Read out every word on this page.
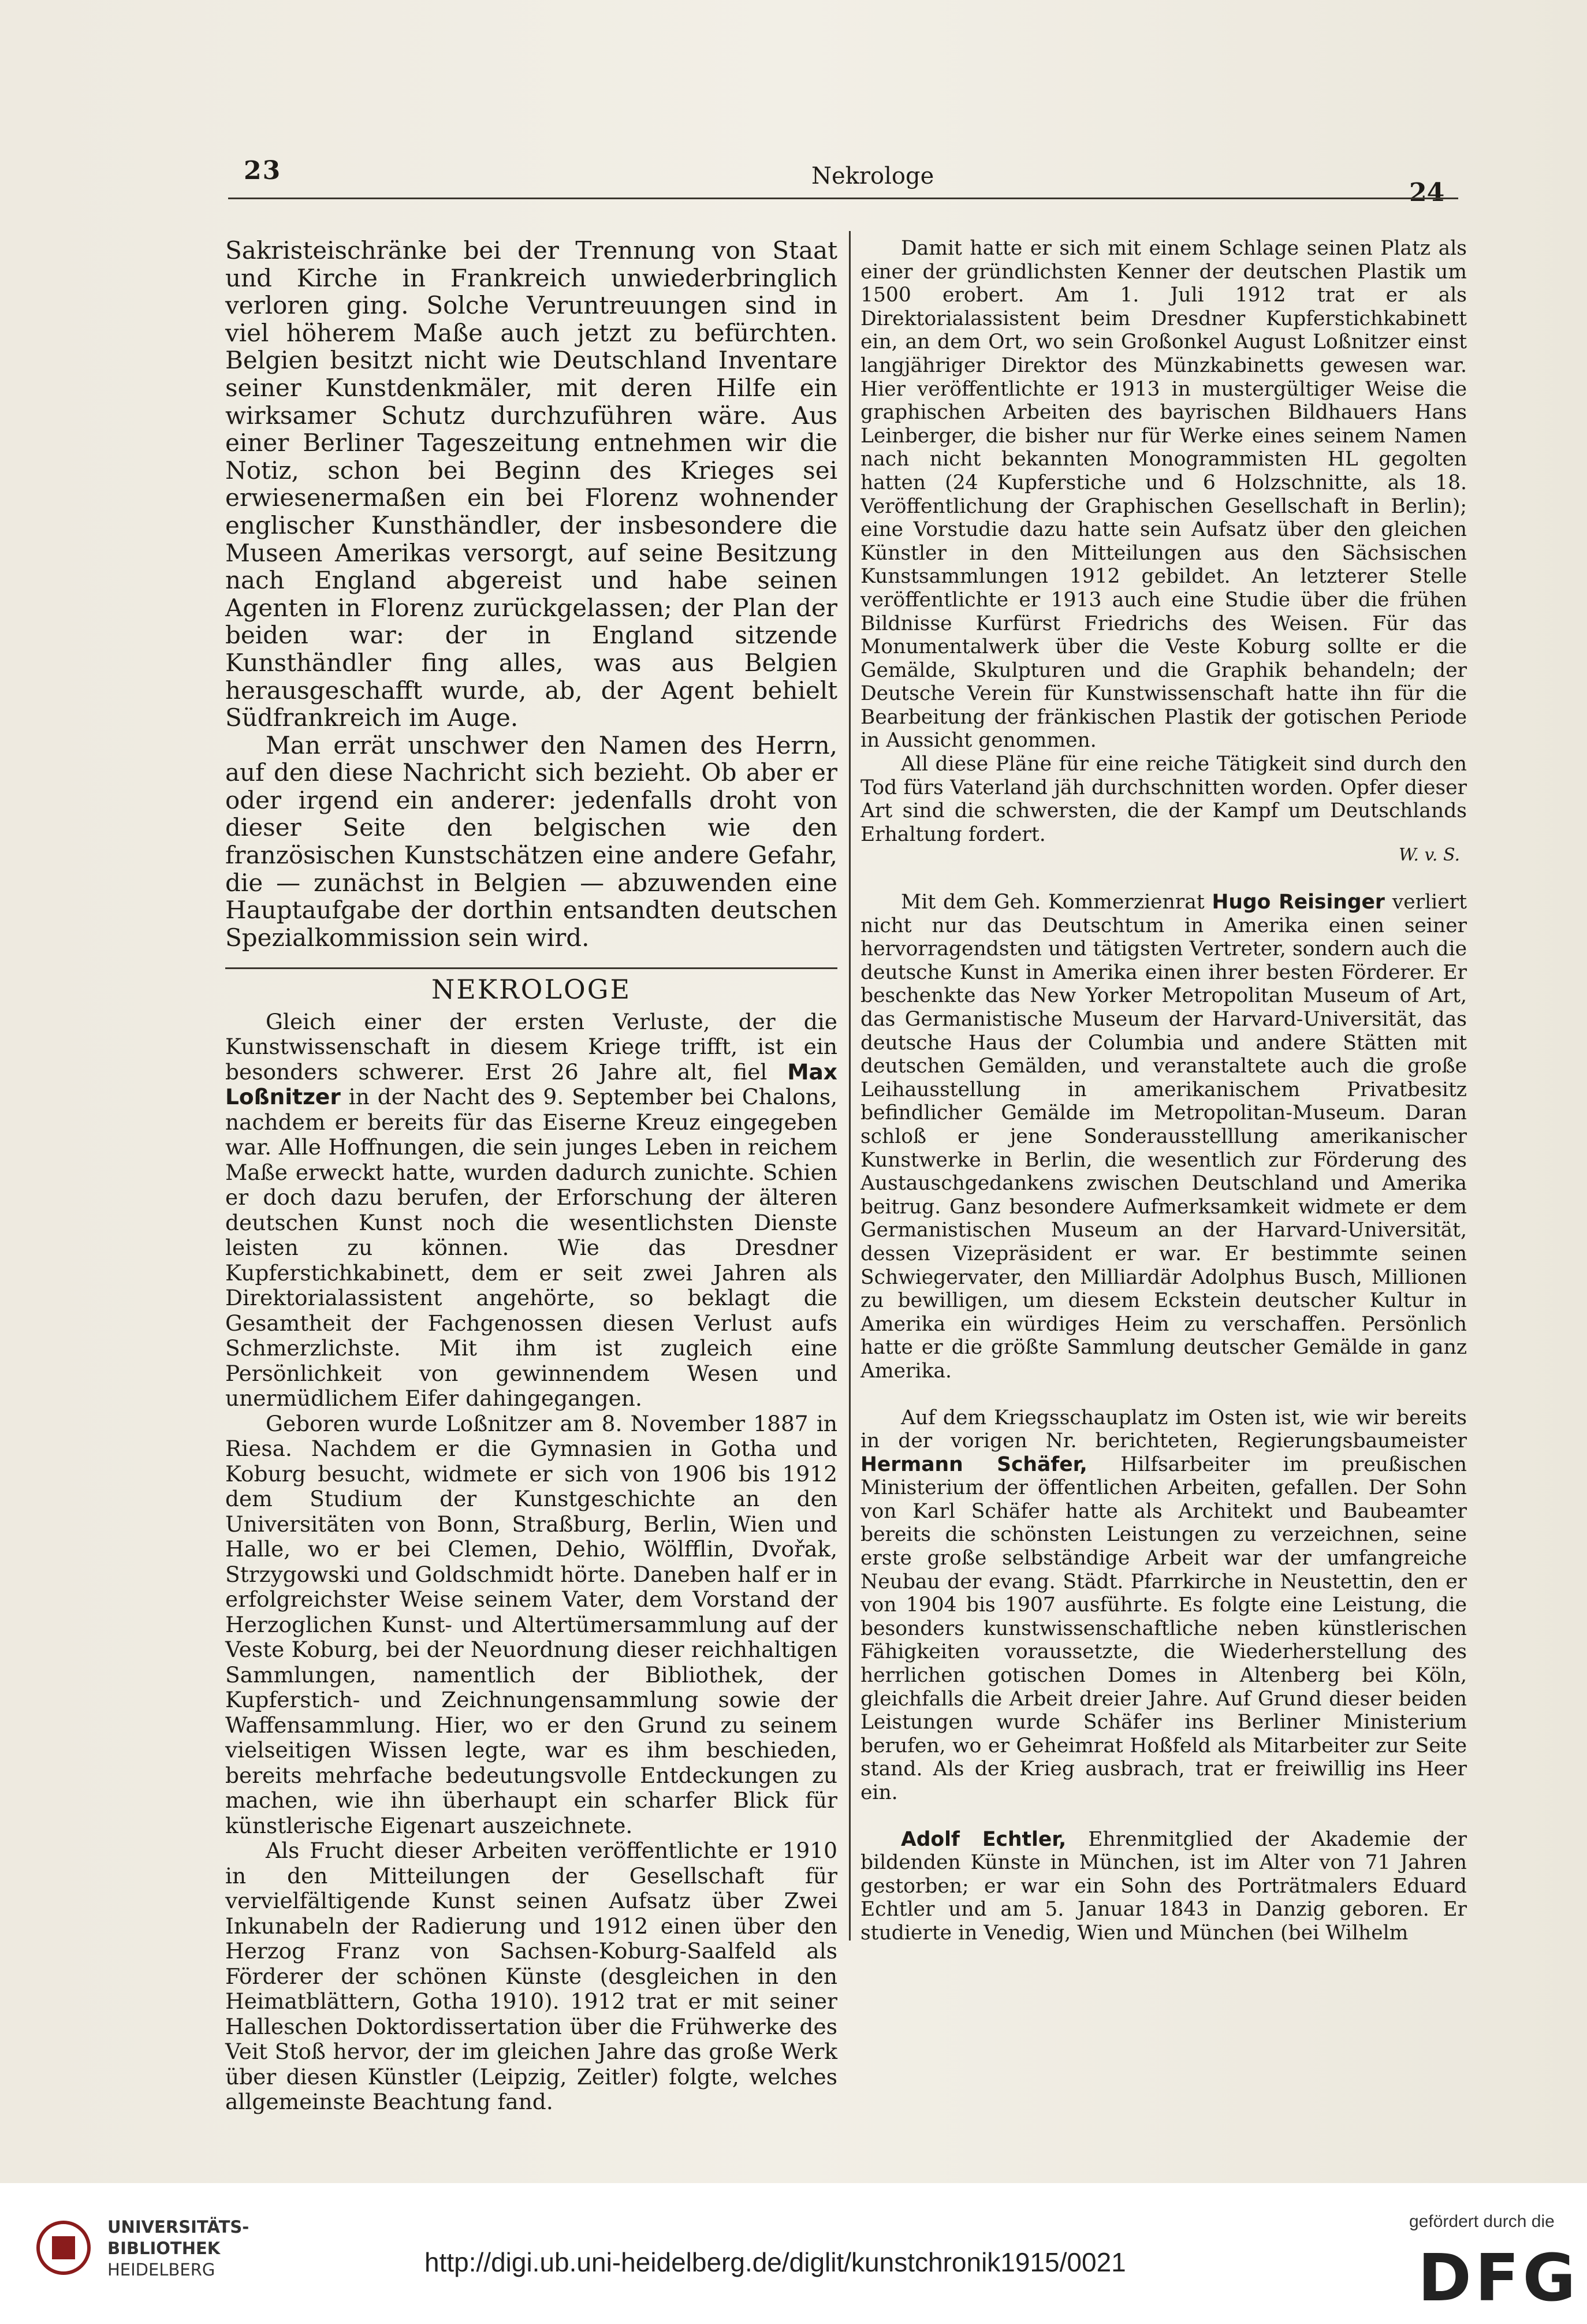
23	Nekrologe
24

Sakristeischränke bei der Trennung von Staat und Kirche in Frankreich unwiederbringlich verloren ging. Solche Veruntreuungen sind in viel höherem Maße auch jetzt zu befürchten. Belgien besitzt nicht wie Deutschland Inventare seiner Kunstdenkmäler, mit deren Hilfe ein wirksamer Schutz durchzuführen wäre. Aus einer Berliner Tageszeitung entnehmen wir die Notiz, schon bei Beginn des Krieges sei erwiesenermaßen ein bei Florenz wohnender englischer Kunsthändler, der insbesondere die Museen Amerikas versorgt, auf seine Besitzung nach England abgereist und habe seinen Agenten in Florenz zurückgelassen; der Plan der beiden war: der in England sitzende Kunsthändler fing alles, was aus Belgien herausgeschafft wurde, ab, der Agent behielt Südfrankreich im Auge.

Man errät unschwer den Namen des Herrn, auf den diese Nachricht sich bezieht. Ob aber er oder irgend ein anderer: jedenfalls droht von dieser Seite den belgischen wie den französischen Kunstschätzen eine andere Gefahr, die — zunächst in Belgien — abzuwenden eine Hauptaufgabe der dorthin entsandten deutschen Spezialkommission sein wird.

NEKROLOGE

Gleich einer der ersten Verluste, der die Kunstwissenschaft in diesem Kriege trifft, ist ein besonders schwerer. Erst 26 Jahre alt, fiel Max Loßnitzer in der Nacht des 9. September bei Chalons, nachdem er bereits für das Eiserne Kreuz eingegeben war. Alle Hoffnungen, die sein junges Leben in reichem Maße erweckt hatte, wurden dadurch zunichte. Schien er doch dazu berufen, der Erforschung der älteren deutschen Kunst noch die wesentlichsten Dienste leisten zu können. Wie das Dresdner Kupferstichkabinett, dem er seit zwei Jahren als Direktorialassistent angehörte, so beklagt die Gesamtheit der Fachgenossen diesen Verlust aufs Schmerzlichste. Mit ihm ist zugleich eine Persönlichkeit von gewinnendem Wesen und unermüdlichem Eifer dahingegangen.

Geboren wurde Loßnitzer am 8. November 1887 in Riesa. Nachdem er die Gymnasien in Gotha und Koburg besucht, widmete er sich von 1906 bis 1912 dem Studium der Kunstgeschichte an den Universitäten von Bonn, Straßburg, Berlin, Wien und Halle, wo er bei Clemen, Dehio, Wölfflin, Dvořak, Strzygowski und Goldschmidt hörte. Daneben half er in erfolgreichster Weise seinem Vater, dem Vorstand der Herzoglichen Kunst- und Altertümersammlung auf der Veste Koburg, bei der Neuordnung dieser reichhaltigen Sammlungen, namentlich der Bibliothek, der Kupferstich- und Zeichnungensammlung sowie der Waffensammlung. Hier, wo er den Grund zu seinem vielseitigen Wissen legte, war es ihm beschieden, bereits mehrfache bedeutungsvolle Entdeckungen zu machen, wie ihn überhaupt ein scharfer Blick für künstlerische Eigenart auszeichnete.

Als Frucht dieser Arbeiten veröffentlichte er 1910 in den Mitteilungen der Gesellschaft für vervielfältigende Kunst seinen Aufsatz über Zwei Inkunabeln der Radierung und 1912 einen über den Herzog Franz von Sachsen-Koburg-Saalfeld als Förderer der schönen Künste (desgleichen in den Heimatblättern, Gotha 1910). 1912 trat er mit seiner Halleschen Doktordissertation über die Frühwerke des Veit Stoß hervor, der im gleichen Jahre das große Werk über diesen Künstler (Leipzig, Zeitler) folgte, welches allgemeinste Beachtung fand.

Damit hatte er sich mit einem Schlage seinen Platz als einer der gründlichsten Kenner der deutschen Plastik um 1500 erobert. Am 1. Juli 1912 trat er als Direktorialassistent beim Dresdner Kupferstichkabinett ein, an dem Ort, wo sein Großonkel August Loßnitzer einst langjähriger Direktor des Münzkabinetts gewesen war. Hier veröffentlichte er 1913 in mustergültiger Weise die graphischen Arbeiten des bayrischen Bildhauers Hans Leinberger, die bisher nur für Werke eines seinem Namen nach nicht bekannten Monogrammisten HL gegolten hatten (24 Kupferstiche und 6 Holzschnitte, als 18. Veröffentlichung der Graphischen Gesellschaft in Berlin); eine Vorstudie dazu hatte sein Aufsatz über den gleichen Künstler in den Mitteilungen aus den Sächsischen Kunstsammlungen 1912 gebildet. An letzterer Stelle veröffentlichte er 1913 auch eine Studie über die frühen Bildnisse Kurfürst Friedrichs des Weisen. Für das Monumentalwerk über die Veste Koburg sollte er die Gemälde, Skulpturen und die Graphik behandeln; der Deutsche Verein für Kunstwissenschaft hatte ihn für die Bearbeitung der fränkischen Plastik der gotischen Periode in Aussicht genommen.

All diese Pläne für eine reiche Tätigkeit sind durch den Tod fürs Vaterland jäh durchschnitten worden. Opfer dieser Art sind die schwersten, die der Kampf um Deutschlands Erhaltung fordert.

W. v. S.

Mit dem Geh. Kommerzienrat Hugo Reisinger verliert nicht nur das Deutschtum in Amerika einen seiner hervorragendsten und tätigsten Vertreter, sondern auch die deutsche Kunst in Amerika einen ihrer besten Förderer. Er beschenkte das New Yorker Metropolitan Museum of Art, das Germanistische Museum der Harvard-Universität, das deutsche Haus der Columbia und andere Stätten mit deutschen Gemälden, und veranstaltete auch die große Leihausstellung in amerikanischem Privatbesitz befindlicher Gemälde im Metropolitan-Museum. Daran schloß er jene Sonderausstelllung amerikanischer Kunstwerke in Berlin, die wesentlich zur Förderung des Austauschgedankens zwischen Deutschland und Amerika beitrug. Ganz besondere Aufmerksamkeit widmete er dem Germanistischen Museum an der Harvard-Universität, dessen Vizepräsident er war. Er bestimmte seinen Schwiegervater, den Milliardär Adolphus Busch, Millionen zu bewilligen, um diesem Eckstein deutscher Kultur in Amerika ein würdiges Heim zu verschaffen. Persönlich hatte er die größte Sammlung deutscher Gemälde in ganz Amerika.

Auf dem Kriegsschauplatz im Osten ist, wie wir bereits in der vorigen Nr. berichteten, Regierungsbaumeister Hermann Schäfer, Hilfsarbeiter im preußischen Ministerium der öffentlichen Arbeiten, gefallen. Der Sohn von Karl Schäfer hatte als Architekt und Baubeamter bereits die schönsten Leistungen zu verzeichnen, seine erste große selbständige Arbeit war der umfangreiche Neubau der evang. Städt. Pfarrkirche in Neustettin, den er von 1904 bis 1907 ausführte. Es folgte eine Leistung, die besonders kunstwissenschaftliche neben künstlerischen Fähigkeiten voraussetzte, die Wiederherstellung des herrlichen gotischen Domes in Altenberg bei Köln, gleichfalls die Arbeit dreier Jahre. Auf Grund dieser beiden Leistungen wurde Schäfer ins Berliner Ministerium berufen, wo er Geheimrat Hoßfeld als Mitarbeiter zur Seite stand. Als der Krieg ausbrach, trat er freiwillig ins Heer ein.

Adolf Echtler, Ehrenmitglied der Akademie der bildenden Künste in München, ist im Alter von 71 Jahren gestorben; er war ein Sohn des Porträtmalers Eduard Echtler und am 5. Januar 1843 in Danzig geboren. Er studierte in Venedig, Wien und München (bei Wilhelm

UNIVERSITÄTS-
BIBLIOTHEK
HEIDELBERG	http://digi.ub.uni-heidelberg.de/diglit/kunstchronik1915/0021
gefördert durch die
DFG
